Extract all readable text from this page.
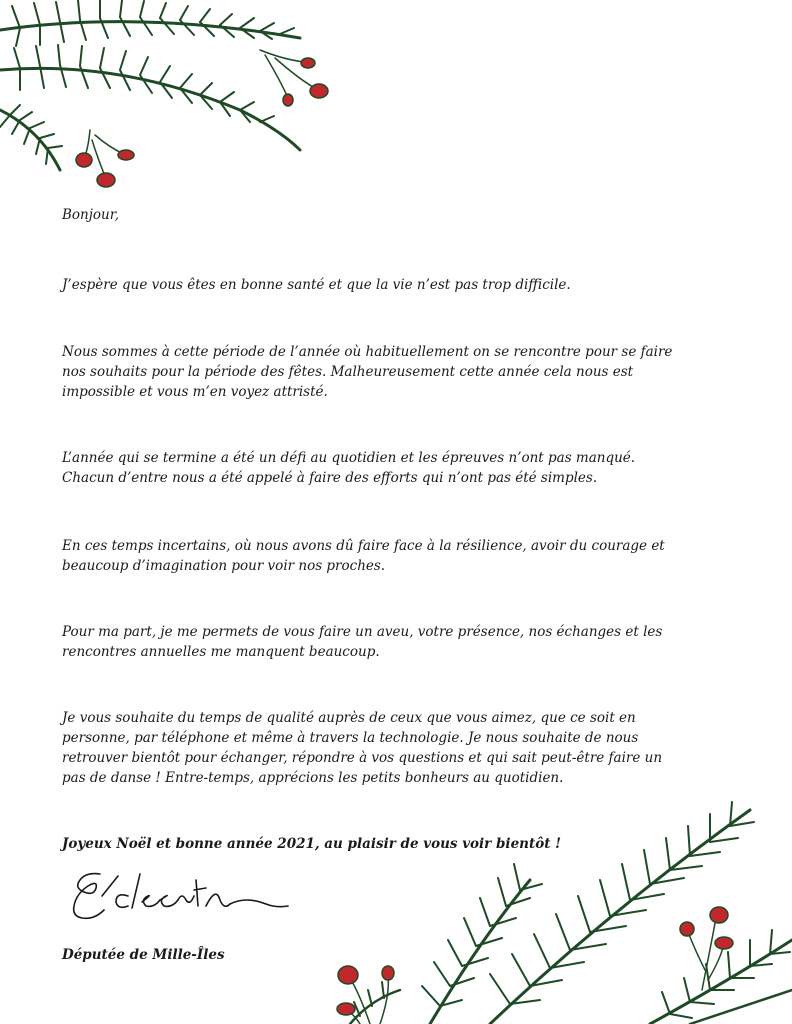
Bonjour,

J’espère que vous êtes en bonne santé et que la vie n’est pas trop difficile.

Nous sommes à cette période de l’année où habituellement on se rencontre pour se faire nos souhaits pour la période des fêtes. Malheureusement cette année cela nous est impossible et vous m’en voyez attristé.

L’année qui se termine a été un défi au quotidien et les épreuves n’ont pas manqué. Chacun d’entre nous a été appelé à faire des efforts qui n’ont pas été simples.

En ces temps incertains, où nous avons dû faire face à la résilience, avoir du courage et beaucoup d’imagination pour voir nos proches.

Pour ma part, je me permets de vous faire un aveu, votre présence, nos échanges et les rencontres annuelles me manquent beaucoup.

Je vous souhaite du temps de qualité auprès de ceux que vous aimez, que ce soit en personne, par téléphone et même à travers la technologie. Je nous souhaite de nous retrouver bientôt pour échanger, répondre à vos questions et qui sait peut-être faire un pas de danse ! Entre-temps, apprécions les petits bonheurs au quotidien.

Joyeux Noël et bonne année 2021, au plaisir de vous voir bientôt !

Députée de Mille-Îles
